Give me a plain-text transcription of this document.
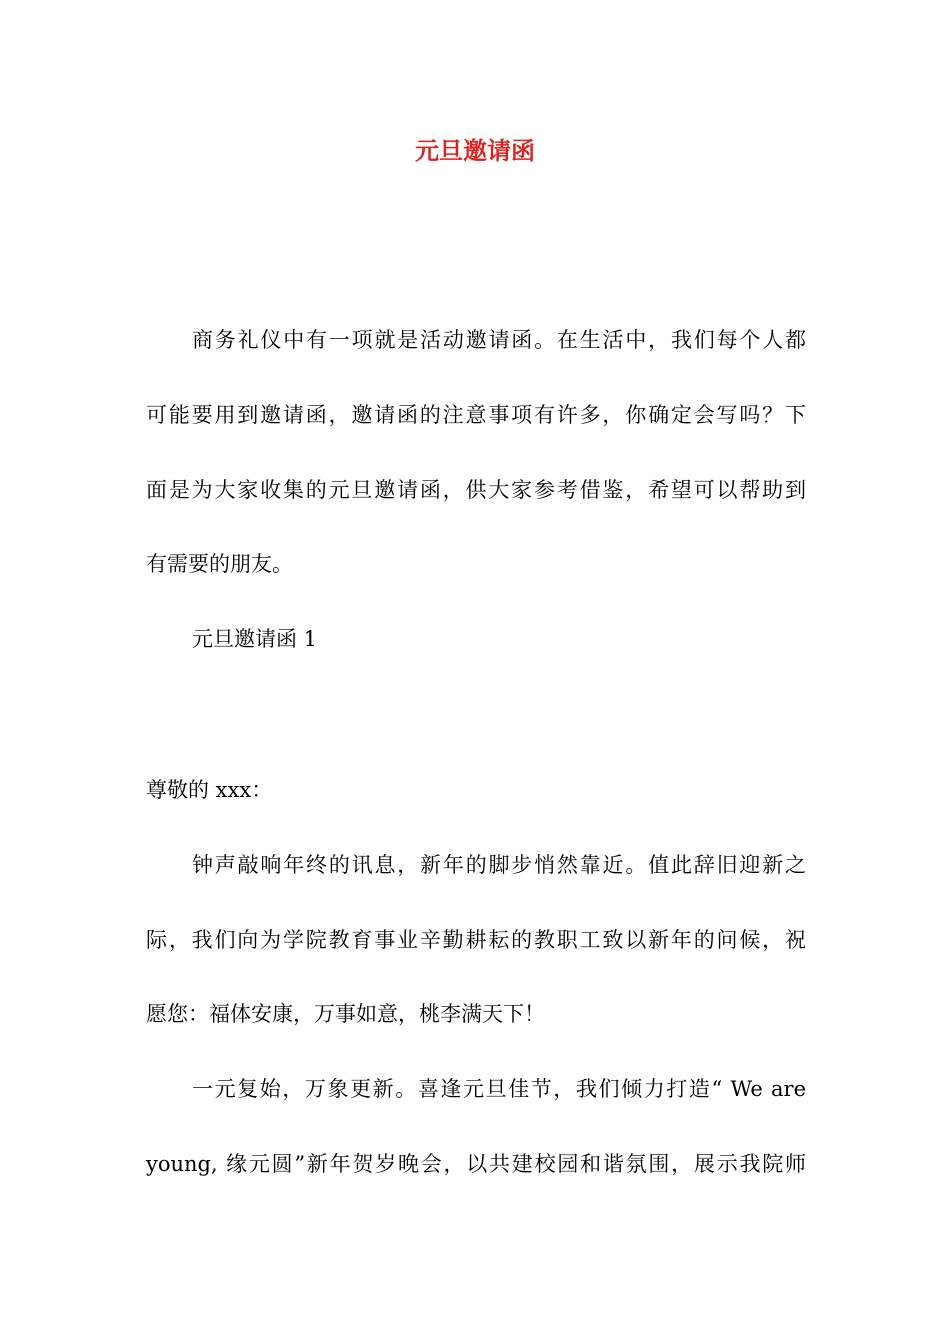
元旦邀请函
商务礼仪中有一项就是活动邀请函。在生活中，我们每个人都
可能要用到邀请函，邀请函的注意事项有许多，你确定会写吗？下
面是为大家收集的元旦邀请函，供大家参考借鉴，希望可以帮助到
有需要的朋友。
元旦邀请函 1
尊敬的 xxx：
钟声敲响年终的讯息，新年的脚步悄然靠近。值此辞旧迎新之
际，我们向为学院教育事业辛勤耕耘的教职工致以新年的问候，祝
愿您：福体安康，万事如意，桃李满天下！
一元复始，万象更新。喜逢元旦佳节，我们倾力打造“ We are
young, 缘元圆”新年贺岁晚会，以共建校园和谐氛围，展示我院师
